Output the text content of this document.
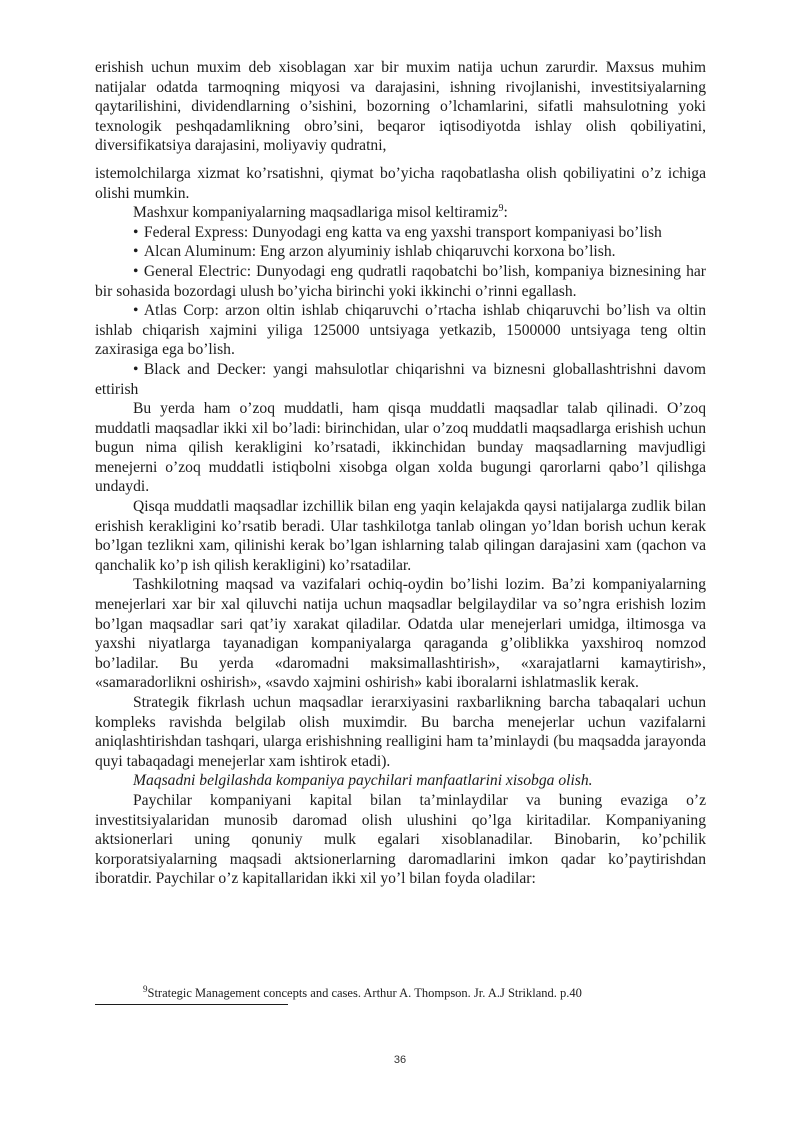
erishish uchun muxim deb xisoblagan xar bir muxim natija uchun zarurdir. Maxsus muhim natijalar odatda tarmoqning miqyosi va darajasini, ishning rivojlanishi, investitsiyalarning qaytarilishini, dividendlarning o’sishini, bozorning o’lchamlarini, sifatli mahsulotning yoki texnologik peshqadamlikning obro’sini, beqaror iqtisodiyotda ishlay olish qobiliyatini, diversifikatsiya darajasini, moliyaviy qudratni,

istemolchilarga xizmat ko’rsatishni, qiymat bo’yicha raqobatlasha olish qobiliyatini o’z ichiga olishi mumkin.

Mashxur kompaniyalarning maqsadlariga misol keltiramiz$^9$:

• Federal Express: Dunyodagi eng katta va eng yaxshi transport kompaniyasi bo’lish

• Alcan Aluminum: Eng arzon alyuminiy ishlab chiqaruvchi korxona bo’lish.

• General Electric: Dunyodagi eng qudratli raqobatchi bo’lish, kompaniya biznesining har bir sohasida bozordagi ulush bo’yicha birinchi yoki ikkinchi o’rinni egallash.

• Atlas Corp: arzon oltin ishlab chiqaruvchi o’rtacha ishlab chiqaruvchi bo’lish va oltin ishlab chiqarish xajmini yiliga 125000 untsiyaga yetkazib, 1500000 untsiyaga teng oltin zaxirasiga ega bo’lish.

• Black and Decker: yangi mahsulotlar chiqarishni va biznesni globallashtrishni davom ettirish

Bu yerda ham o’zoq muddatli, ham qisqa muddatli maqsadlar talab qilinadi. O’zoq muddatli maqsadlar ikki xil bo’ladi: birinchidan, ular o’zoq muddatli maqsadlarga erishish uchun bugun nima qilish kerakligini ko’rsatadi, ikkinchidan bunday maqsadlarning mavjudligi menejerni o’zoq muddatli istiqbolni xisobga olgan xolda bugungi qarorlarni qabo’l qilishga undaydi.

Qisqa muddatli maqsadlar izchillik bilan eng yaqin kelajakda qaysi natijalarga zudlik bilan erishish kerakligini ko’rsatib beradi. Ular tashkilotga tanlab olingan yo’ldan borish uchun kerak bo’lgan tezlikni xam, qilinishi kerak bo’lgan ishlarning talab qilingan darajasini xam (qachon va qanchalik ko’p ish qilish kerakligini) ko’rsatadilar.

Tashkilotning maqsad va vazifalari ochiq-oydin bo’lishi lozim. Ba’zi kompaniyalarning menejerlari xar bir xal qiluvchi natija uchun maqsadlar belgilaydilar va so’ngra erishish lozim bo’lgan maqsadlar sari qat’iy xarakat qiladilar. Odatda ular menejerlari umidga, iltimosga va yaxshi niyatlarga tayanadigan kompaniyalarga qaraganda g’oliblikka yaxshiroq nomzod bo’ladilar. Bu yerda «daromadni maksimallashtirish», «xarajatlarni kamaytirish», «samaradorlikni oshirish», «savdo xajmini oshirish» kabi iboralarni ishlatmaslik kerak.

Strategik fikrlash uchun maqsadlar ierarxiyasini raxbarlikning barcha tabaqalari uchun kompleks ravishda belgilab olish muximdir. Bu barcha menejerlar uchun vazifalarni aniqlashtirishdan tashqari, ularga erishishning realligini ham ta’minlaydi (bu maqsadda jarayonda quyi tabaqadagi menejerlar xam ishtirok etadi).

Maqsadni belgilashda kompaniya paychilari manfaatlarini xisobga olish.

Paychilar kompaniyani kapital bilan ta’minlaydilar va buning evaziga o’z investitsiyalaridan munosib daromad olish ulushini qo’lga kiritadilar. Kompaniyaning aktsionerlari uning qonuniy mulk egalari xisoblanadilar. Binobarin, ko’pchilik korporatsiyalarning maqsadi aktsionerlarning daromadlarini imkon qadar ko’paytirishdan iboratdir. Paychilar o’z kapitallaridan ikki xil yo’l bilan foyda oladilar:

$^9$Strategic Management concepts and cases. Arthur A. Thompson. Jr. A.J Strikland. p.40
36
